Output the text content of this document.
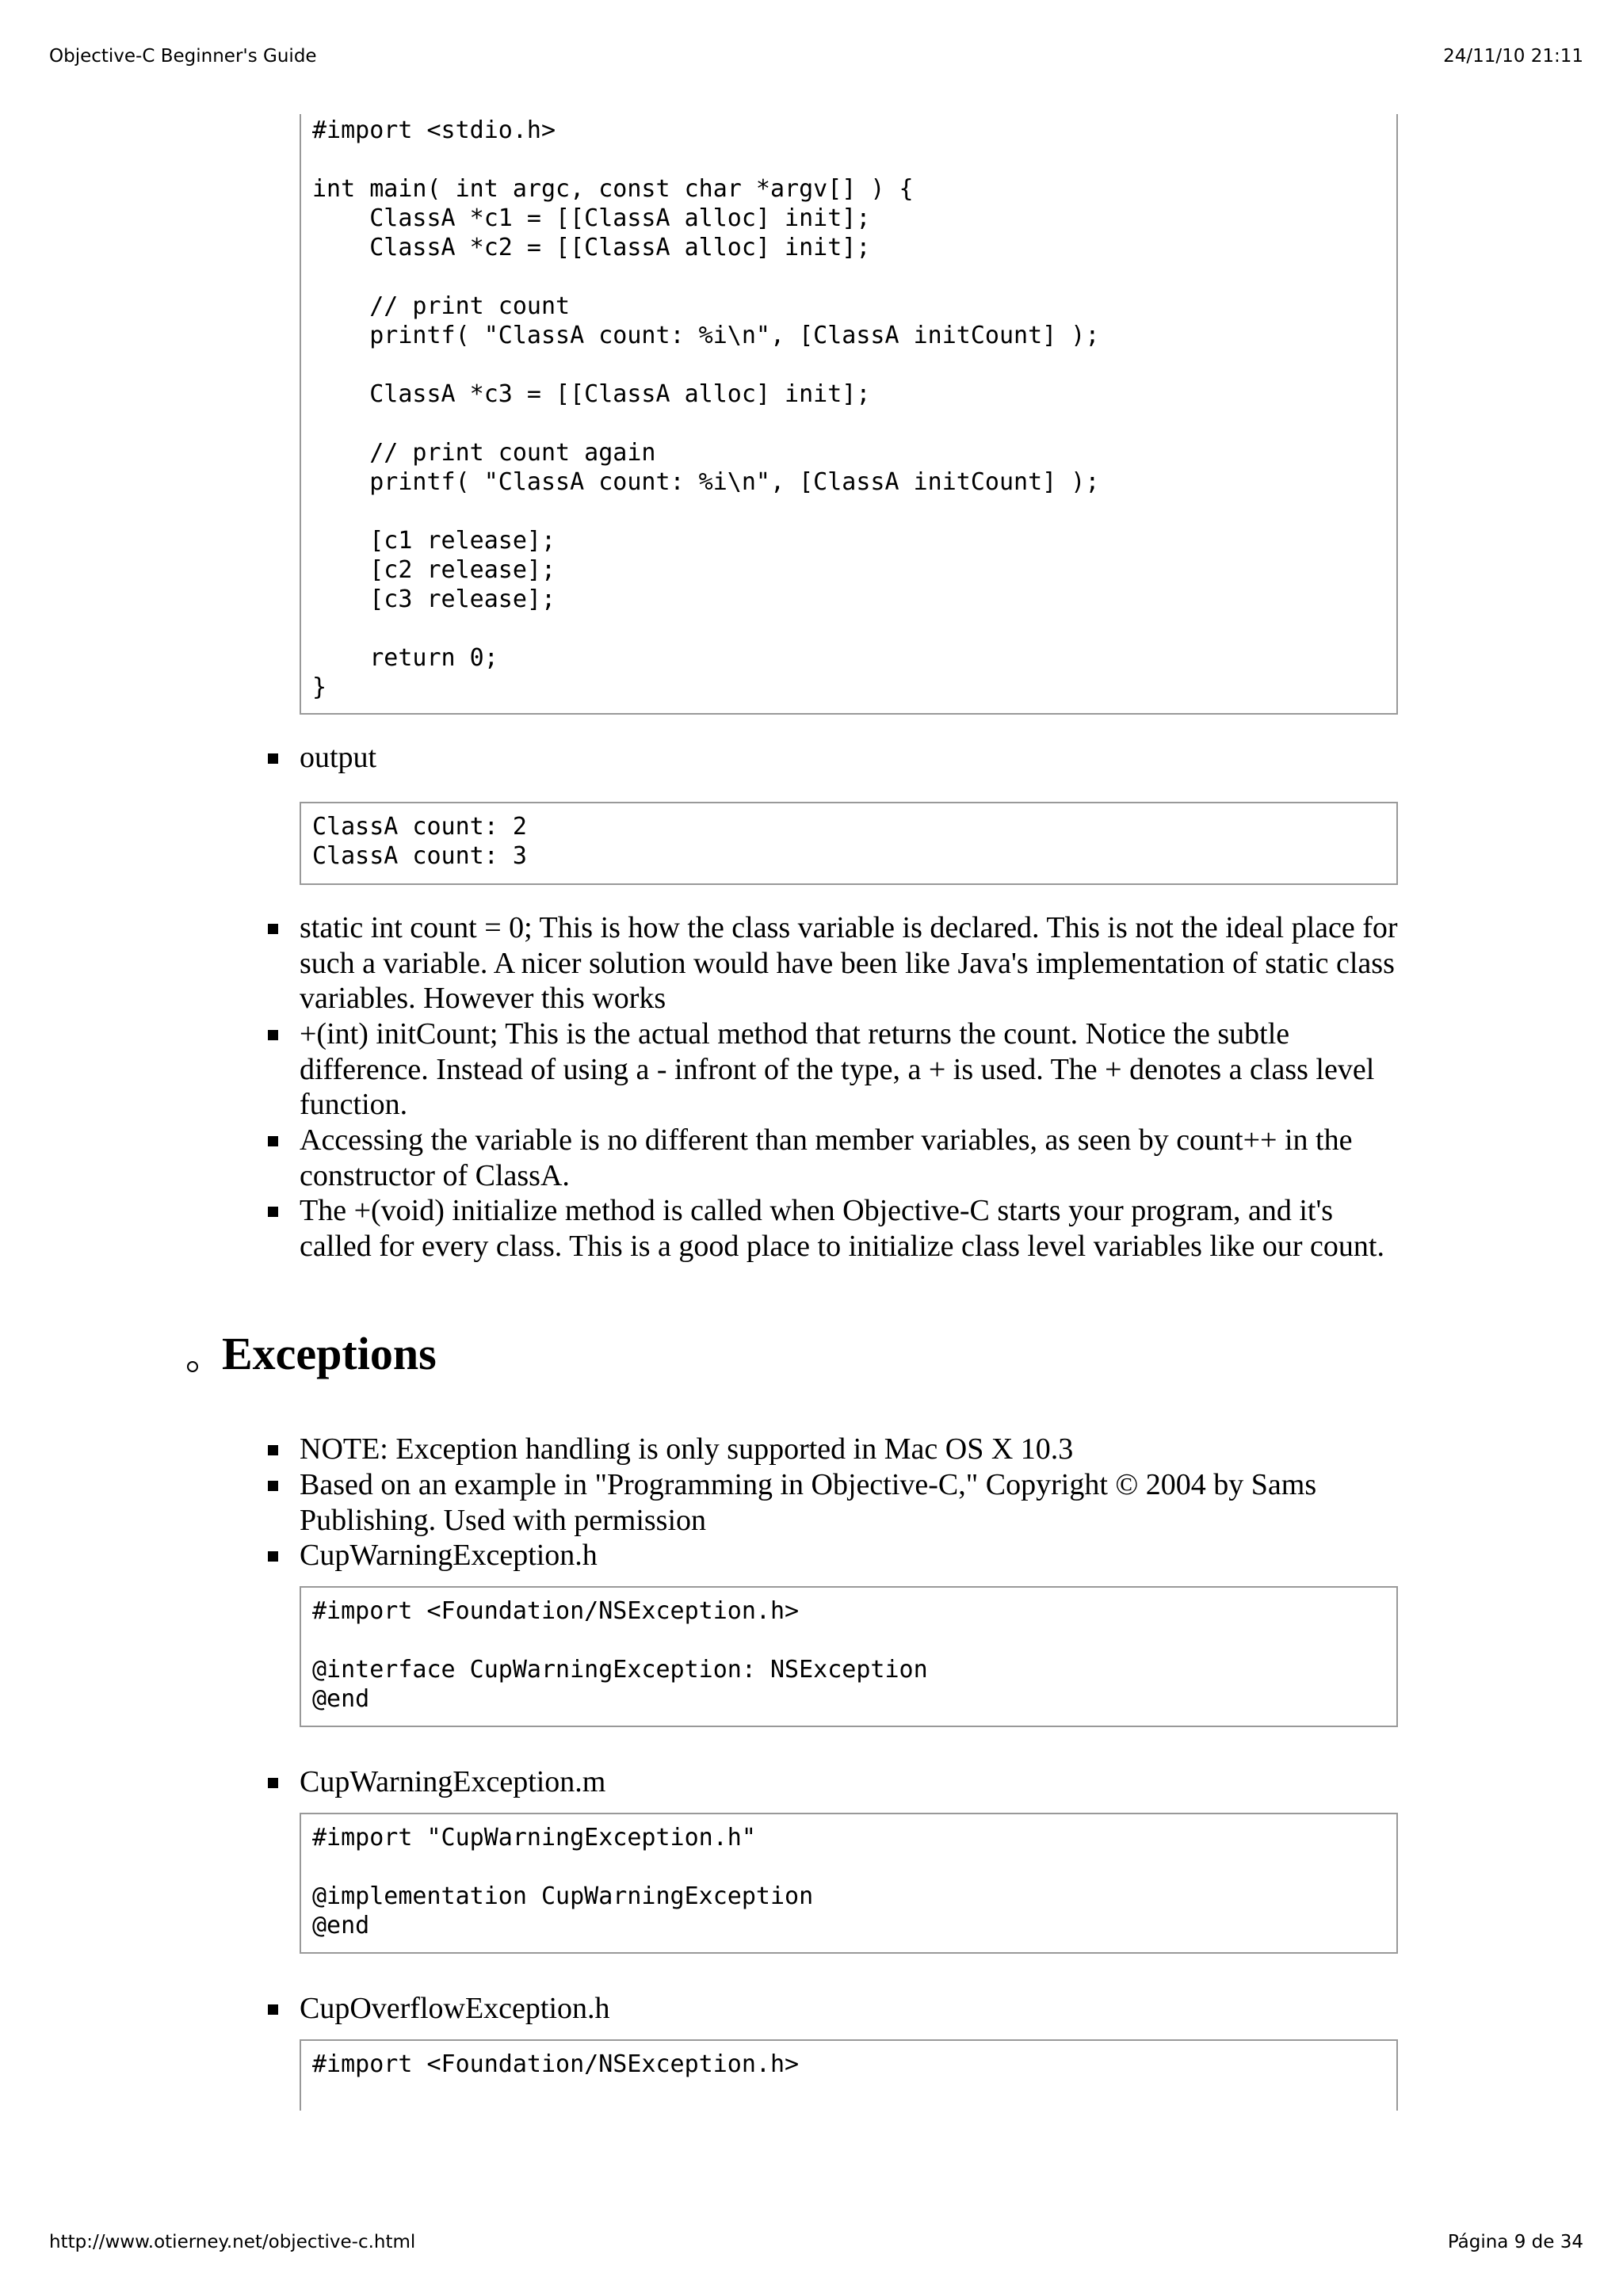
Objective-C Beginner's Guide	24/11/10 21:11
#import <stdio.h>
int main( int argc, const char *argv[] ) {
ClassA *c1 = [[ClassA alloc] init];
ClassA *c2 = [[ClassA alloc] init];
// print count
printf( "ClassA count: %i\n", [ClassA initCount] );
ClassA *c3 = [[ClassA alloc] init];
// print count again
printf( "ClassA count: %i\n", [ClassA initCount] );
[c1 release];
[c2 release];
[c3 release];
return 0;
}
output
ClassA count: 2
ClassA count: 3
static int count = 0; This is how the class variable is declared. This is not the ideal place for such a variable. A nicer solution would have been like Java's implementation of static class variables. However this works
+(int) initCount; This is the actual method that returns the count. Notice the subtle difference. Instead of using a - infront of the type, a + is used. The + denotes a class level function.
Accessing the variable is no different than member variables, as seen by count++ in the constructor of ClassA.
The +(void) initialize method is called when Objective-C starts your program, and it's called for every class. This is a good place to initialize class level variables like our count.
Exceptions
NOTE: Exception handling is only supported in Mac OS X 10.3
Based on an example in "Programming in Objective-C," Copyright © 2004 by Sams Publishing. Used with permission
CupWarningException.h
#import <Foundation/NSException.h>
@interface CupWarningException: NSException
@end
CupWarningException.m
#import "CupWarningException.h"
@implementation CupWarningException
@end
CupOverflowException.h
#import <Foundation/NSException.h>
http://www.otierney.net/objective-c.html	Página 9 de 34
